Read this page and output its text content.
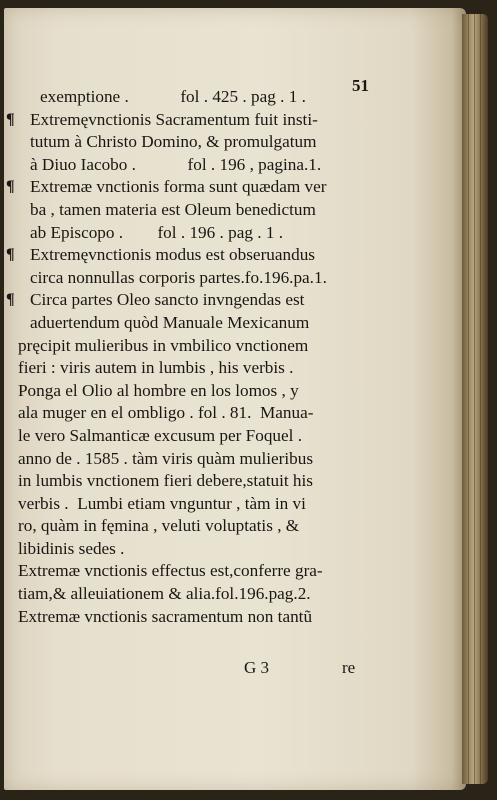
51
exemptione .            fol . 425 . pag . 1 .
¶ Extremęvnctionis Sacramentum fuit insti-
tutum à Christo Domino, & promulgatum
à Diuo Iacobo .            fol . 196 , pagina.1.
¶ Extremæ vnctionis forma sunt quædam ver
ba , tamen materia est Oleum benedictum
ab Episcopo .        fol . 196 . pag . 1 .
¶ Extremęvnctionis modus est obseruandus
circa nonnullas corporis partes.fo.196.pa.1.
¶ Circa partes Oleo sancto invngendas est
aduertendum quòd Manuale Mexicanum
pręcipit mulieribus in vmbilico vnctionem
fieri : viris autem in lumbis , his verbis .
Ponga el Olio al hombre en los lomos , y
ala muger en el ombligo . fol . 81.  Manua-
le vero Salmanticæ excusum per Foquel .
anno de . 1585 . tàm viris quàm mulieribus
in lumbis vnctionem fieri debere,statuit his
verbis .  Lumbi etiam vnguntur , tàm in vi
ro, quàm in fęmina , veluti voluptatis , &
libidinis sedes .
Extremæ vnctionis effectus est,conferre gra-
tiam,& alleuiationem & alia.fol.196.pag.2.
Extremæ vnctionis sacramentum non tantũ
G 3	re
